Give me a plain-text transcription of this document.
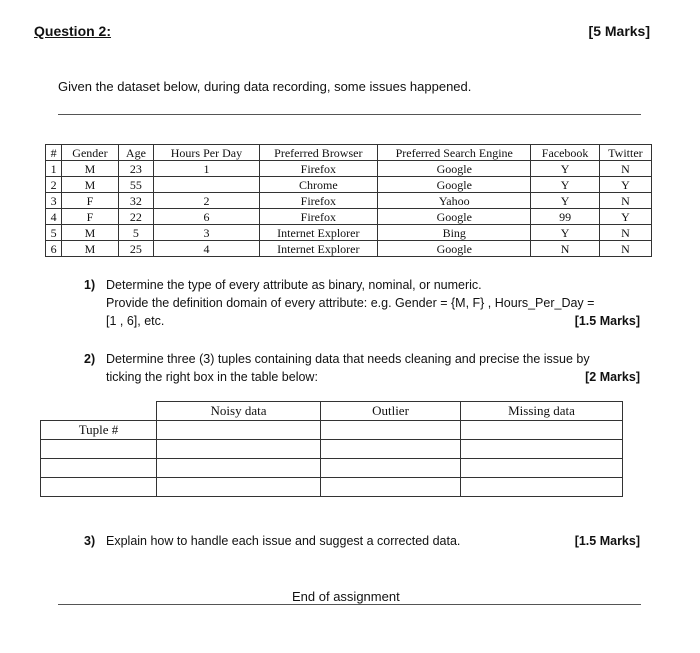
Question 2:	[5 Marks]
Given the dataset below, during data recording, some issues happened.
#	Gender	Age	Hours Per Day	Preferred Browser	Preferred Search Engine	Facebook	Twitter
1	M	23	1	Firefox	Google	Y	N
2	M	55		Chrome	Google	Y	Y
3	F	32	2	Firefox	Yahoo	Y	N
4	F	22	6	Firefox	Google	99	Y
5	M	5	3	Internet Explorer	Bing	Y	N
6	M	25	4	Internet Explorer	Google	N	N
1) Determine the type of every attribute as binary, nominal, or numeric.
Provide the definition domain of every attribute: e.g. Gender = {M, F} , Hours_Per_Day =
[1 , 6], etc.	[1.5 Marks]
2) Determine three (3) tuples containing data that needs cleaning and precise the issue by
ticking the right box in the table below:	[2 Marks]
	Noisy data	Outlier	Missing data
Tuple #			

3) Explain how to handle each issue and suggest a corrected data.	[1.5 Marks]
End of assignment
